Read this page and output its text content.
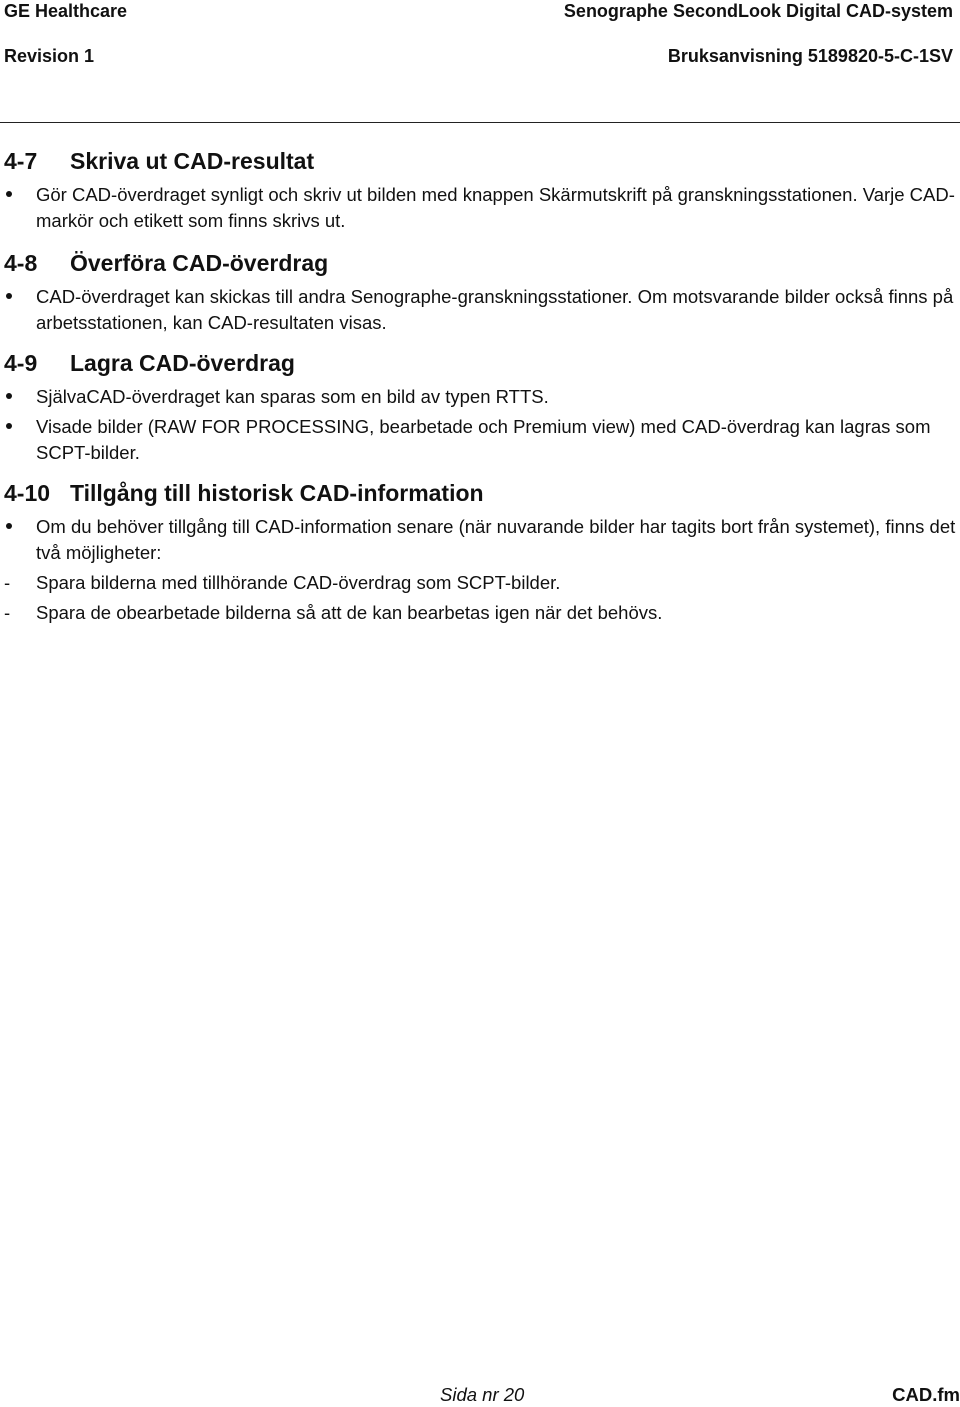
GE Healthcare	Senographe SecondLook Digital CAD-system
Revision 1	Bruksanvisning 5189820-5-C-1SV
4-7	Skriva ut CAD-resultat
Gör CAD-överdraget synligt och skriv ut bilden med knappen Skärmutskrift på granskningsstationen. Varje CAD-markör och etikett som finns skrivs ut.
4-8	Överföra CAD-överdrag
CAD-överdraget kan skickas till andra Senographe-granskningsstationer. Om motsvarande bilder också finns på arbetsstationen, kan CAD-resultaten visas.
4-9	Lagra CAD-överdrag
SjälvaCAD-överdraget kan sparas som en bild av typen RTTS.
Visade bilder (RAW FOR PROCESSING, bearbetade och Premium view) med CAD-överdrag kan lagras som SCPT-bilder.
4-10 Tillgång till historisk CAD-information
Om du behöver tillgång till CAD-information senare (när nuvarande bilder har tagits bort från systemet), finns det två möjligheter:
-	Spara bilderna med tillhörande CAD-överdrag som SCPT-bilder.
-	Spara de obearbetade bilderna så att de kan bearbetas igen när det behövs.
Sida nr 20	CAD.fm
